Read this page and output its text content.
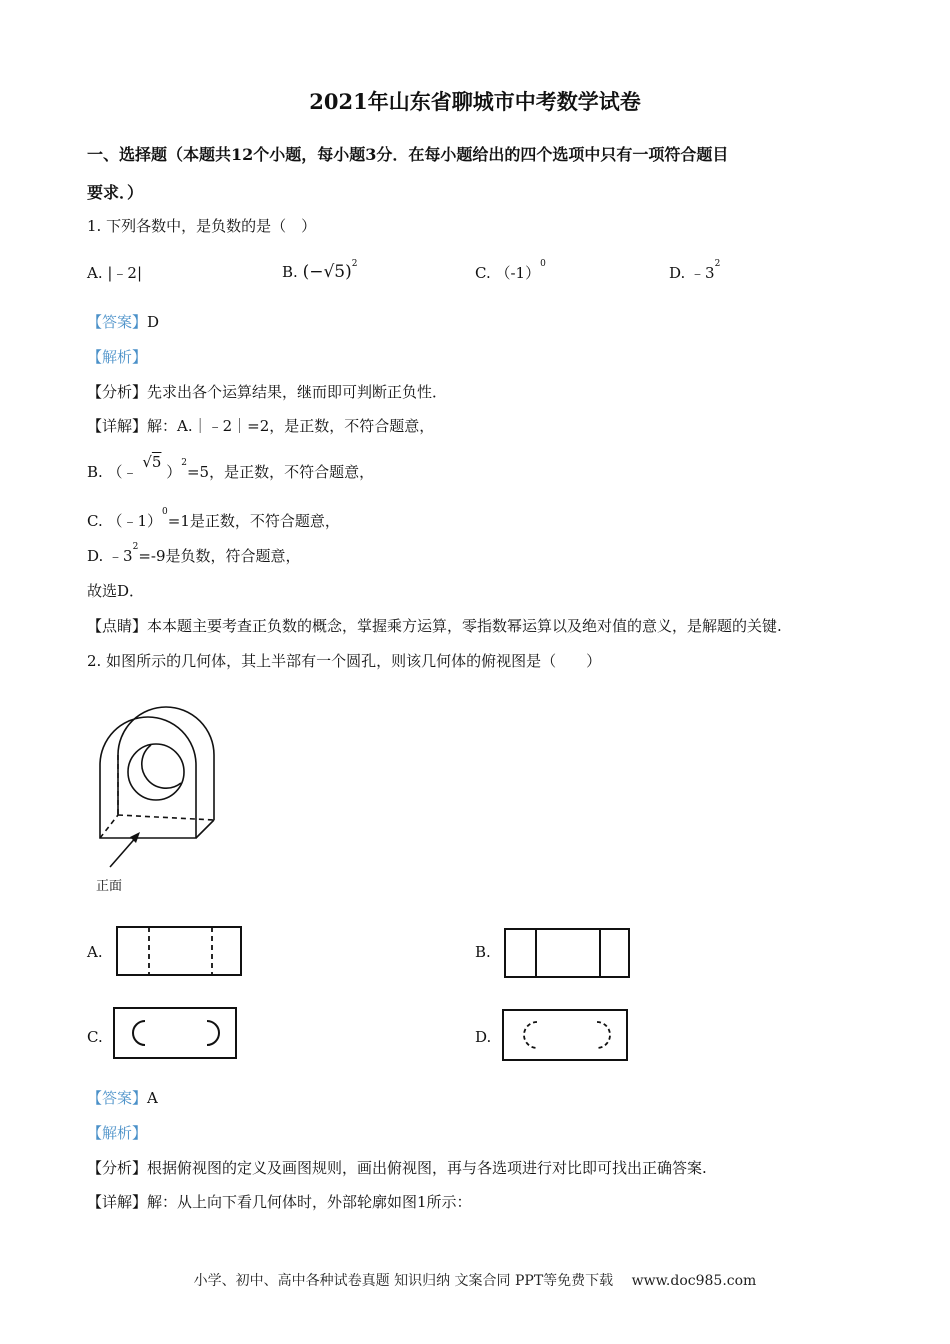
2021年山东省聊城市中考数学试卷
一、选择题（本题共12个小题，每小题3分．在每小题给出的四个选项中只有一项符合题目
要求．）
1. 下列各数中，是负数的是（　）
A. |﹣2|	B. $(-√5)^2$	C. $(-1)^0$	D. $﹣3^2$
【答案】D
【解析】
【分析】先求出各个运算结果，继而即可判断正负性．
【详解】解：A.｜﹣2｜=2，是正数，不符合题意，
B. （﹣ √5 ）$^2$=5，是正数，不符合题意，
C. （﹣1）$^0$=1是正数，不符合题意，
D. $﹣3^2=-9$是负数，符合题意，
故选D．
【点睛】本本题主要考查正负数的概念，掌握乘方运算，零指数幂运算以及绝对值的意义，是解题的关键.
2. 如图所示的几何体，其上半部有一个圆孔，则该几何体的俯视图是（　　）
正面
A.	B.
C.	D.
【答案】A
【解析】
【分析】根据俯视图的定义及画图规则，画出俯视图，再与各选项进行对比即可找出正确答案.
【详解】解：从上向下看几何体时，外部轮廓如图1所示：
小学、初中、高中各种试卷真题 知识归纳 文案合同 PPT等免费下载　 www.doc985.com
